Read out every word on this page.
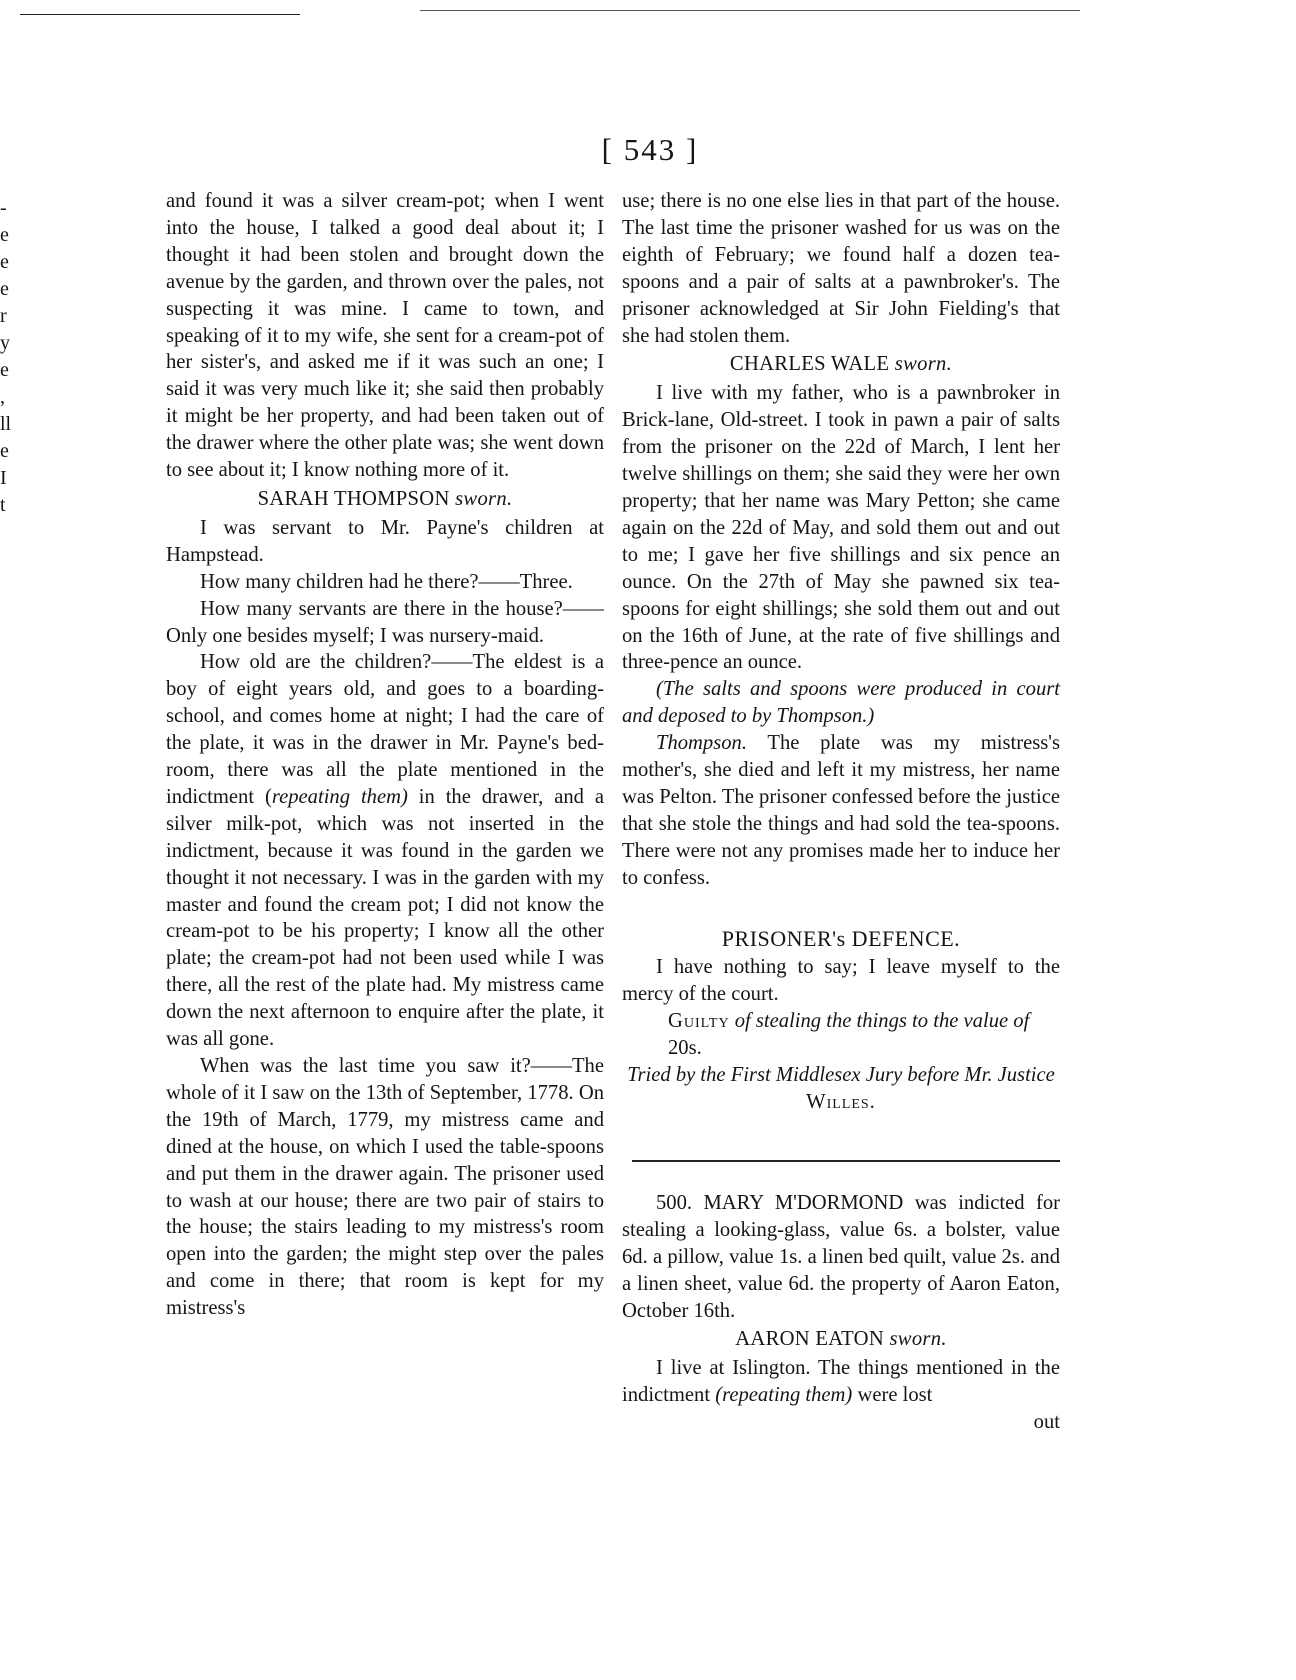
[ 543 ]
-
e
e
e
r
y
e
,
ll
e
I
t

and found it was a silver cream-pot; when I went into the house, I talked a good deal about it; I thought it had been stolen and brought down the avenue by the garden, and thrown over the pales, not suspecting it was mine. I came to town, and speaking of it to my wife, she sent for a cream-pot of her sister's, and asked me if it was such an one; I said it was very much like it; she said then probably it might be her property, and had been taken out of the drawer where the other plate was; she went down to see about it; I know nothing more of it.

SARAH THOMPSON sworn.

I was servant to Mr. Payne's children at Hampstead.

How many children had he there?——Three.

How many servants are there in the house?——Only one besides myself; I was nursery-maid.

How old are the children?——The eldest is a boy of eight years old, and goes to a boarding-school, and comes home at night; I had the care of the plate, it was in the drawer in Mr. Payne's bed-room, there was all the plate mentioned in the indictment (repeating them) in the drawer, and a silver milk-pot, which was not inserted in the indictment, because it was found in the garden we thought it not necessary. I was in the garden with my master and found the cream pot; I did not know the cream-pot to be his property; I know all the other plate; the cream-pot had not been used while I was there, all the rest of the plate had. My mistress came down the next afternoon to enquire after the plate, it was all gone.

When was the last time you saw it?——The whole of it I saw on the 13th of September, 1778. On the 19th of March, 1779, my mistress came and dined at the house, on which I used the table-spoons and put them in the drawer again. The prisoner used to wash at our house; there are two pair of stairs to the house; the stairs leading to my mistress's room open into the garden; the might step over the pales and come in there; that room is kept for my mistress's

use; there is no one else lies in that part of the house. The last time the prisoner washed for us was on the eighth of February; we found half a dozen tea-spoons and a pair of salts at a pawnbroker's. The prisoner acknowledged at Sir John Fielding's that she had stolen them.

CHARLES WALE sworn.

I live with my father, who is a pawnbroker in Brick-lane, Old-street. I took in pawn a pair of salts from the prisoner on the 22d of March, I lent her twelve shillings on them; she said they were her own property; that her name was Mary Petton; she came again on the 22d of May, and sold them out and out to me; I gave her five shillings and six pence an ounce. On the 27th of May she pawned six tea-spoons for eight shillings; she sold them out and out on the 16th of June, at the rate of five shillings and three-pence an ounce.

(The salts and spoons were produced in court and deposed to by Thompson.)

Thompson. The plate was my mistress's mother's, she died and left it my mistress, her name was Pelton. The prisoner confessed before the justice that she stole the things and had sold the tea-spoons. There were not any promises made her to induce her to confess.

PRISONER's DEFENCE.

I have nothing to say; I leave myself to the mercy of the court.

Guilty of stealing the things to the value of 20s.

Tried by the First Middlesex Jury before Mr. Justice Willes.

500. MARY M'DORMOND was indicted for stealing a looking-glass, value 6s. a bolster, value 6d. a pillow, value 1s. a linen bed quilt, value 2s. and a linen sheet, value 6d. the property of Aaron Eaton, October 16th.

AARON EATON sworn.

I live at Islington. The things mentioned in the indictment (repeating them) were lost

out
